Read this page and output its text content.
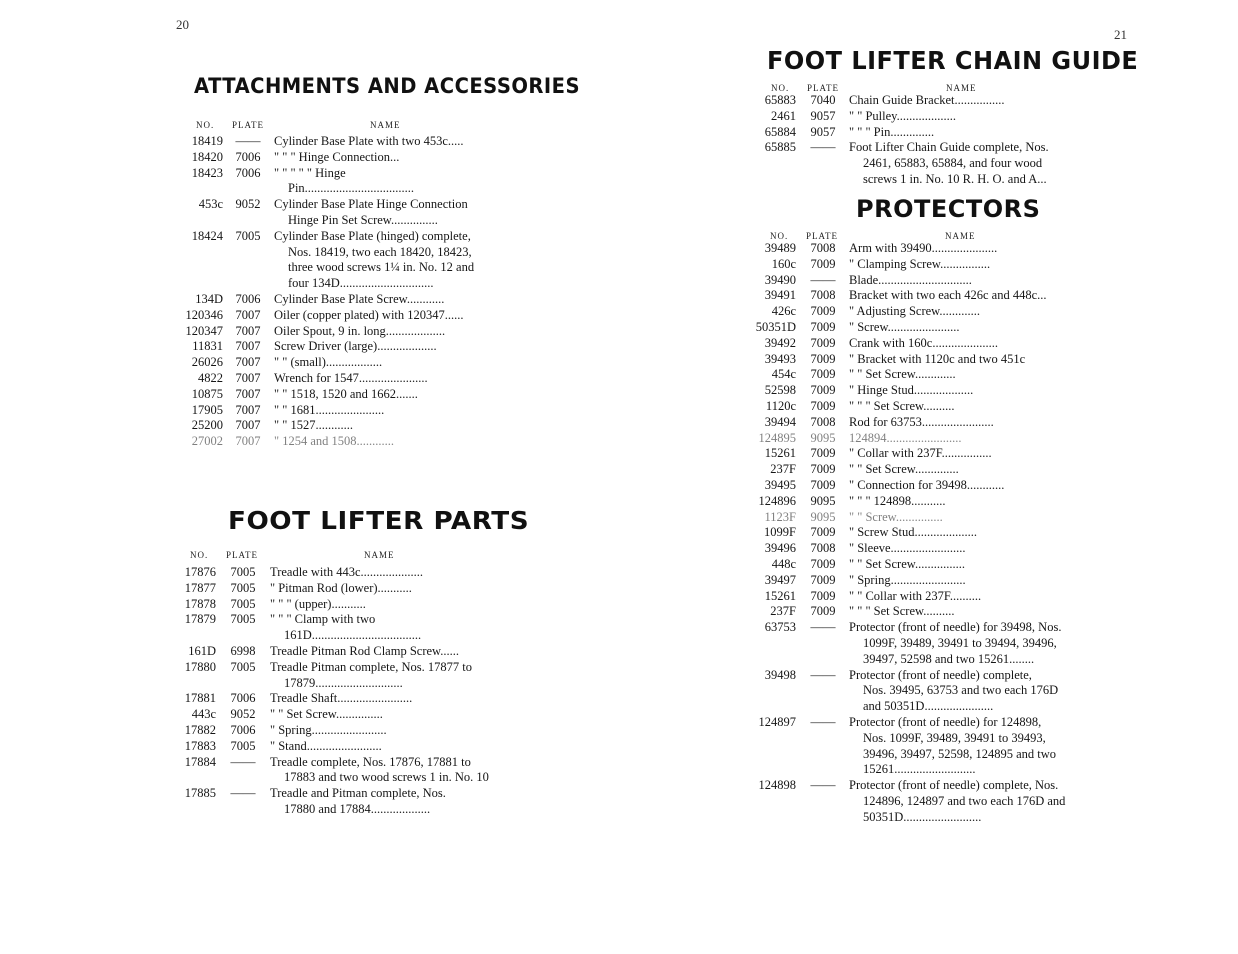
20
ATTACHMENTS AND ACCESSORIES
NO. PLATE	NAME
18419	——	Cylinder Base Plate with two 453c.....
18420	7006	" " " Hinge Connection...
18423	7006	" " " " " Hinge
Pin...................................
453c	9052	Cylinder Base Plate Hinge Connection
Hinge Pin Set Screw...............
18424	7005	Cylinder Base Plate (hinged) complete,
Nos. 18419, two each 18420, 18423,
three wood screws 1¼ in. No. 12 and
four 134D..............................
134D	7006	Cylinder Base Plate Screw............
120346	7007	Oiler (copper plated) with 120347......
120347	7007	Oiler Spout, 9 in. long...................
11831	7007	Screw Driver (large)...................
26026	7007	" " (small)..................
4822	7007	Wrench for 1547......................
10875	7007	" " 1518, 1520 and 1662.......
17905	7007	" " 1681......................
25200	7007	" " 1527............
27002	7007	" 1254 and 1508............
FOOT LIFTER PARTS
NO. PLATE	NAME
17876	7005	Treadle with 443c....................
17877	7005	" Pitman Rod (lower)...........
17878	7005	" " " (upper)...........
17879	7005	" " " Clamp with two
161D...................................
161D	6998	Treadle Pitman Rod Clamp Screw......
17880	7005	Treadle Pitman complete, Nos. 17877 to
17879............................
17881	7006	Treadle Shaft........................
443c	9052	" " Set Screw...............
17882	7006	" Spring........................
17883	7005	" Stand........................
17884	——	Treadle complete, Nos. 17876, 17881 to
17883 and two wood screws 1 in. No. 10
17885	——	Treadle and Pitman complete, Nos.
17880 and 17884...................
21
FOOT LIFTER CHAIN GUIDE
NO. PLATE	NAME
65883	7040	Chain Guide Bracket................
2461	9057	" " Pulley...................
65884	9057	" " " Pin..............
65885	——	Foot Lifter Chain Guide complete, Nos.
2461, 65883, 65884, and four wood
screws 1 in. No. 10 R. H. O. and A...
PROTECTORS
NO. PLATE	NAME
39489	7008	Arm with 39490.....................
160c	7009	" Clamping Screw................
39490	——	Blade..............................
39491	7008	Bracket with two each 426c and 448c...
426c	7009	" Adjusting Screw.............
50351D	7009	" Screw.......................
39492	7009	Crank with 160c.....................
39493	7009	" Bracket with 1120c and two 451c
454c	7009	" " Set Screw.............
52598	7009	" Hinge Stud...................
1120c	7009	" " " Set Screw..........
39494	7008	Rod for 63753.......................
124895	9095	124894........................
15261	7009	" Collar with 237F................
237F	7009	" " Set Screw..............
39495	7009	" Connection for 39498............
124896	9095	" " " 124898...........
1123F	9095	" " Screw...............
1099F	7009	" Screw Stud....................
39496	7008	" Sleeve........................
448c	7009	" " Set Screw................
39497	7009	" Spring........................
15261	7009	" " Collar with 237F..........
237F	7009	" " " Set Screw..........
63753	——	Protector (front of needle) for 39498, Nos.
1099F, 39489, 39491 to 39494, 39496,
39497, 52598 and two 15261........
39498	——	Protector (front of needle) complete,
Nos. 39495, 63753 and two each 176D
and 50351D......................
124897	——	Protector (front of needle) for 124898,
Nos. 1099F, 39489, 39491 to 39493,
39496, 39497, 52598, 124895 and two
15261..........................
124898	——	Protector (front of needle) complete, Nos.
124896, 124897 and two each 176D and
50351D.........................
